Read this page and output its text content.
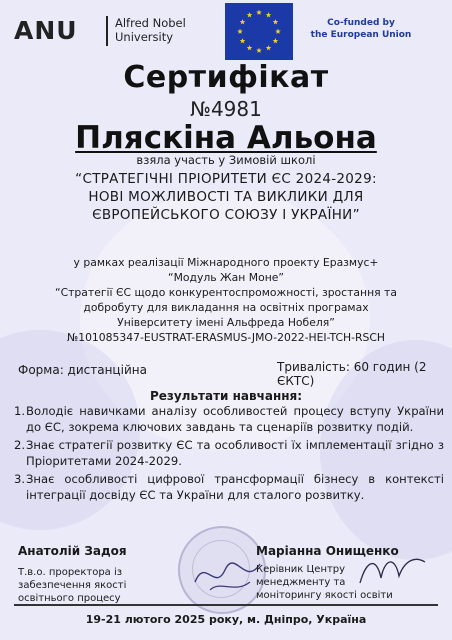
ANU	Alfred Nobel
University
Co-funded by
the European Union
Сертифікат
№4981
Пляскіна Альона
взяла участь у Зимовій школі
“СТРАТЕГІЧНІ ПРІОРИТЕТИ ЄС 2024-2029:
НОВІ МОЖЛИВОСТІ ТА ВИКЛИКИ ДЛЯ
ЄВРОПЕЙСЬКОГО СОЮЗУ І УКРАЇНИ”
у рамках реалізації Міжнародного проекту Еразмус+
“Модуль Жан Моне”
“Стратегії ЄС щодо конкурентоспроможності, зростання та
добробуту для викладання на освітніх програмах
Університету імені Альфреда Нобеля”
№101085347-EUSTRAT-ERASMUS-JMO-2022-HEI-TCH-RSCH
Форма: дистанційна	Тривалість: 60 годин (2 ЄКТС)
Результати навчання:
1. Володіє навичками аналізу особливостей процесу вступу України до ЄС, зокрема ключових завдань та сценаріїв розвитку подій.
2. Знає стратегії розвитку ЄС та особливості їх імплементації згідно з Пріоритетами 2024-2029.
3. Знає особливості цифрової трансформації бізнесу в контексті інтеграції досвіду ЄС та України для сталого розвитку.
Анатолій Задоя
Т.в.о. проректора із
забезпечення якості
освітнього процесу
Маріанна Онищенко
Керівник Центру
менеджменту та
моніторингу якості освіти
19-21 лютого 2025 року, м. Дніпро, Україна
